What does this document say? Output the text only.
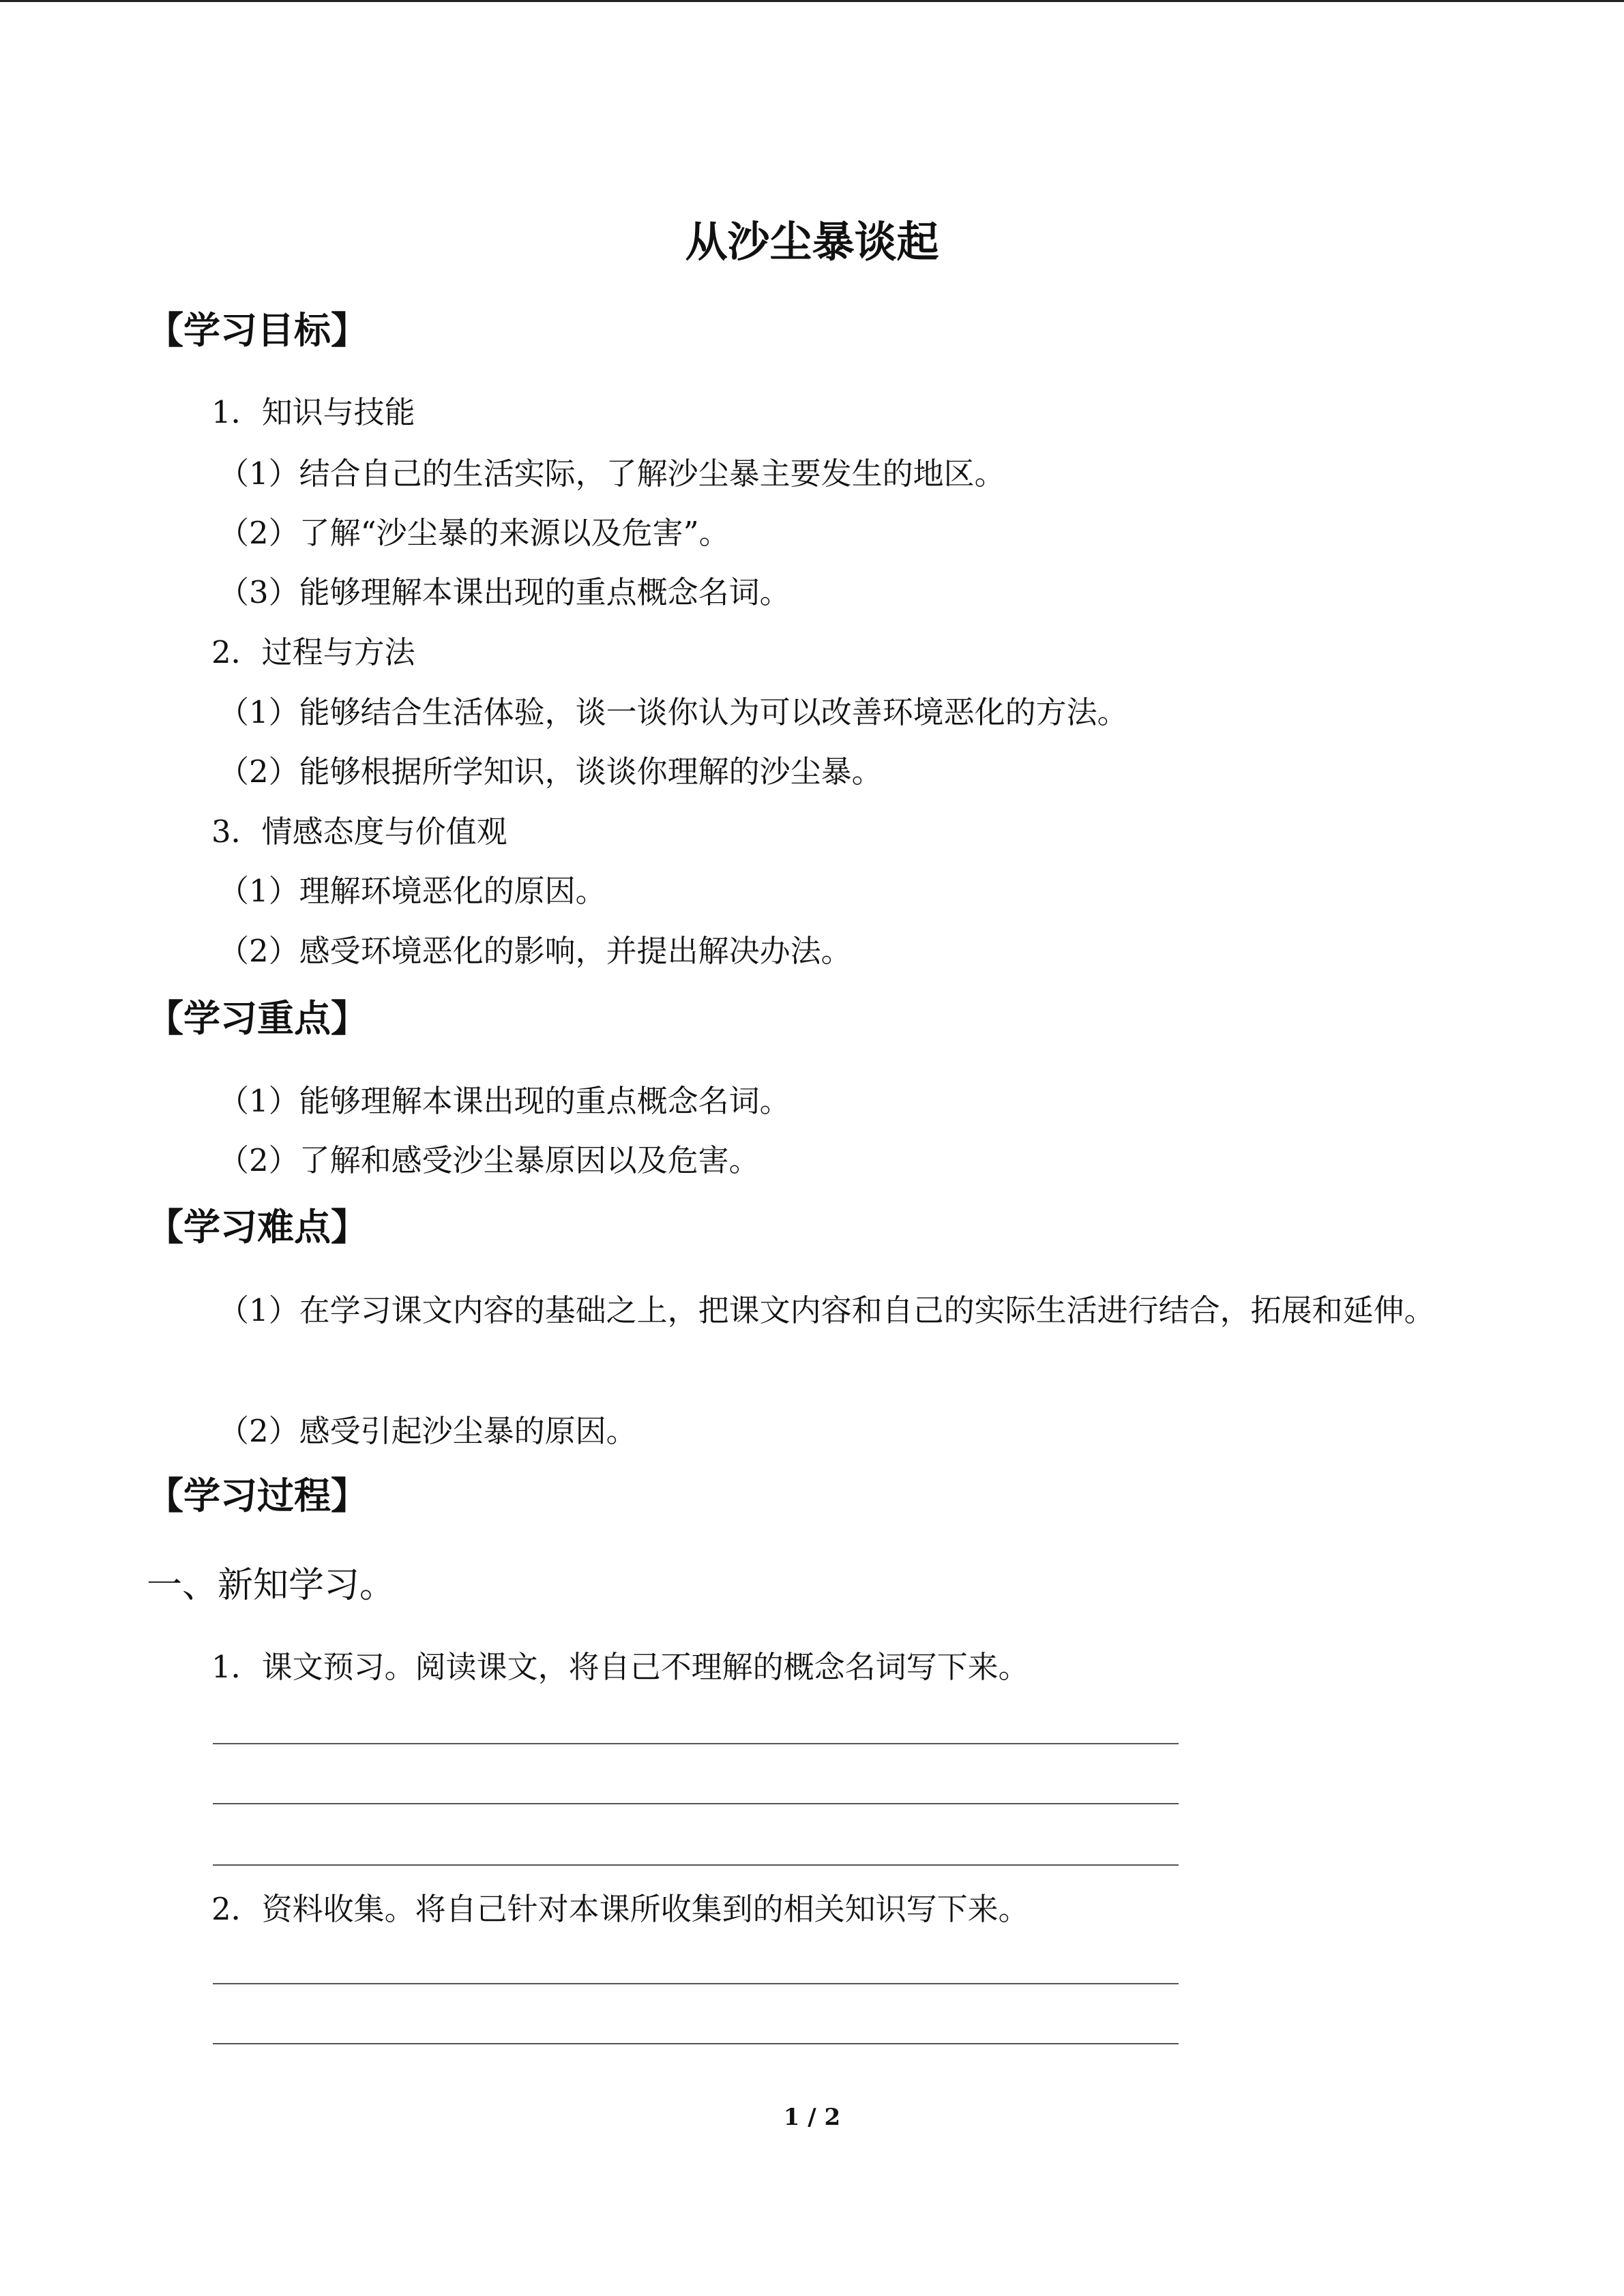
从沙尘暴谈起
【学习目标】
1．知识与技能
（1）结合自己的生活实际，了解沙尘暴主要发生的地区。
（2）了解“沙尘暴的来源以及危害”。
（3）能够理解本课出现的重点概念名词。
2．过程与方法
（1）能够结合生活体验，谈一谈你认为可以改善环境恶化的方法。
（2）能够根据所学知识，谈谈你理解的沙尘暴。
3．情感态度与价值观
（1）理解环境恶化的原因。
（2）感受环境恶化的影响，并提出解决办法。
【学习重点】
（1）能够理解本课出现的重点概念名词。
（2）了解和感受沙尘暴原因以及危害。
【学习难点】
（1）在学习课文内容的基础之上，把课文内容和自己的实际生活进行结合，拓展和延伸。
（2）感受引起沙尘暴的原因。
【学习过程】
一、新知学习。
1．课文预习。阅读课文，将自己不理解的概念名词写下来。
2．资料收集。将自己针对本课所收集到的相关知识写下来。
1 / 2
